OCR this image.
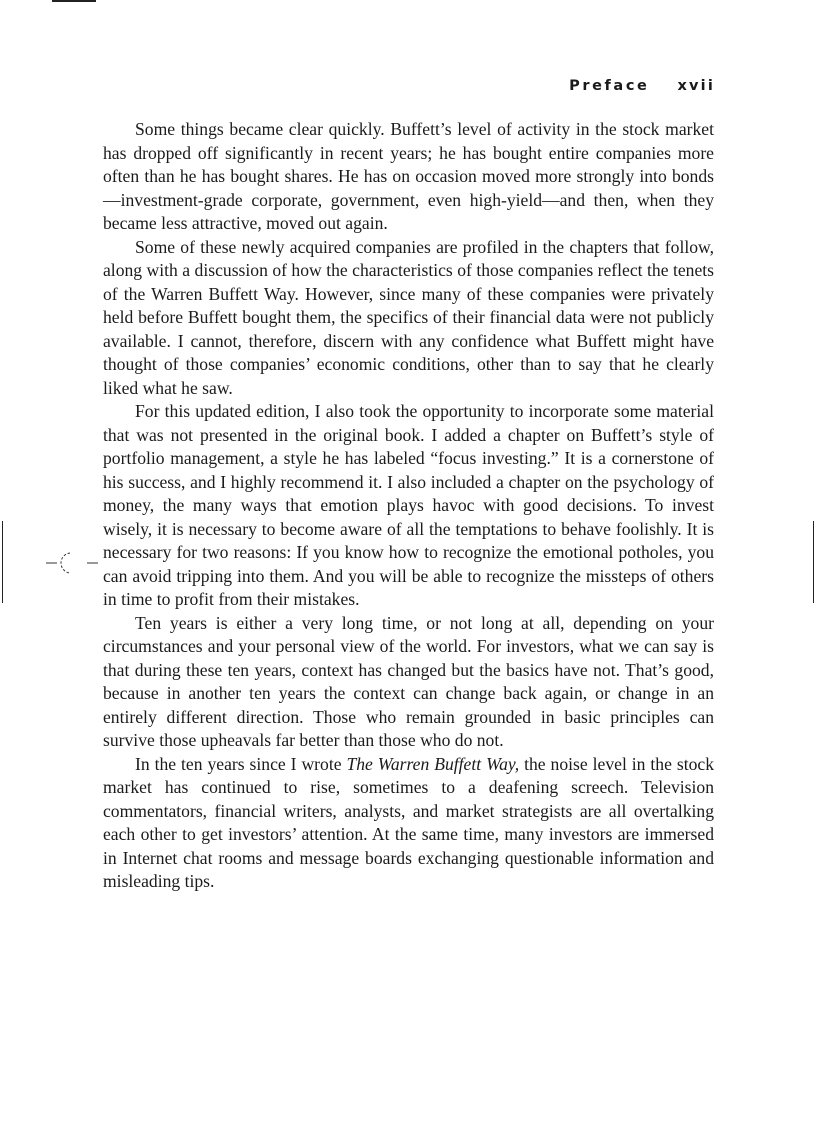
Preface xvii

Some things became clear quickly. Buffett’s level of activity in the stock market has dropped off significantly in recent years; he has bought entire companies more often than he has bought shares. He has on occasion moved more strongly into bonds—investment-grade corporate, government, even high-yield—and then, when they became less attractive, moved out again.

Some of these newly acquired companies are profiled in the chapters that follow, along with a discussion of how the characteristics of those companies reflect the tenets of the Warren Buffett Way. However, since many of these companies were privately held before Buffett bought them, the specifics of their financial data were not publicly available. I cannot, therefore, discern with any confidence what Buffett might have thought of those companies’ economic conditions, other than to say that he clearly liked what he saw.

For this updated edition, I also took the opportunity to incorporate some material that was not presented in the original book. I added a chapter on Buffett’s style of portfolio management, a style he has labeled “focus investing.” It is a cornerstone of his success, and I highly recommend it. I also included a chapter on the psychology of money, the many ways that emotion plays havoc with good decisions. To invest wisely, it is necessary to become aware of all the temptations to behave foolishly. It is necessary for two reasons: If you know how to recognize the emotional potholes, you can avoid tripping into them. And you will be able to recognize the missteps of others in time to profit from their mistakes.

Ten years is either a very long time, or not long at all, depending on your circumstances and your personal view of the world. For investors, what we can say is that during these ten years, context has changed but the basics have not. That’s good, because in another ten years the context can change back again, or change in an entirely different direction. Those who remain grounded in basic principles can survive those upheavals far better than those who do not.

In the ten years since I wrote The Warren Buffett Way, the noise level in the stock market has continued to rise, sometimes to a deafening screech. Television commentators, financial writers, analysts, and market strategists are all overtalking each other to get investors’ attention. At the same time, many investors are immersed in Internet chat rooms and message boards exchanging questionable information and misleading tips.
